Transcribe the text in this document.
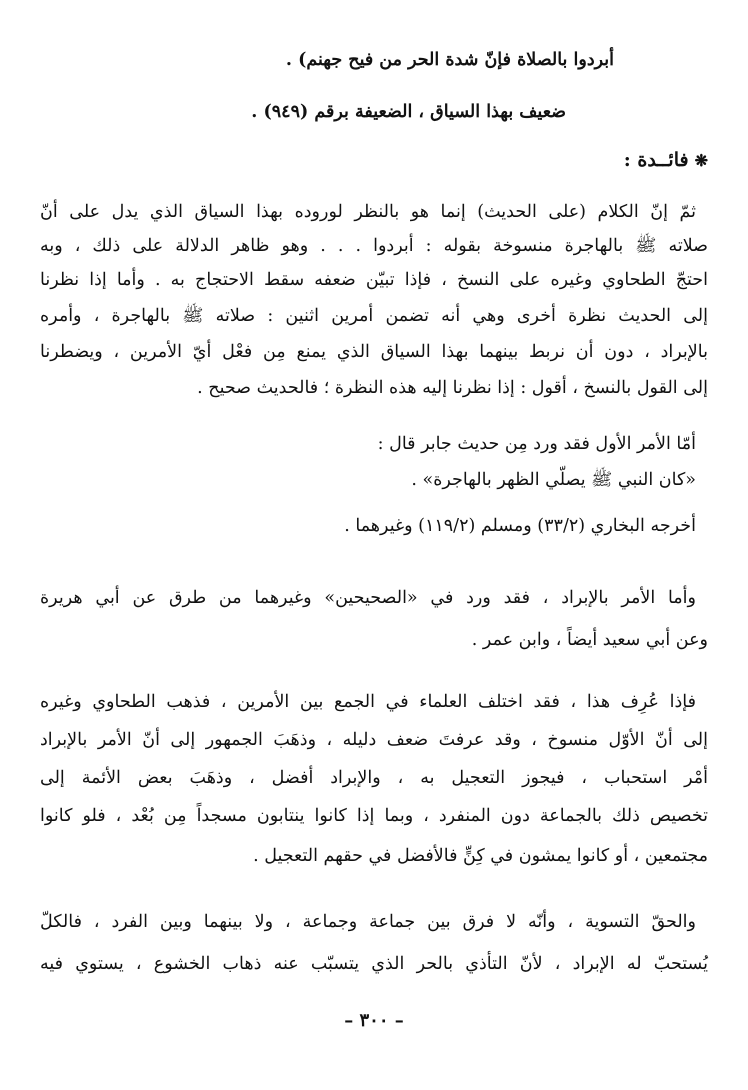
أبردوا بالصلاة فإنّ شدة الحر من فيح جهنم) .
ضعيف بهذا السياق ، الضعيفة برقم (٩٤٩) .
❋فائــدة :
ثمّ إنّ الكلام (على الحديث) إنما هو بالنظر لوروده بهذا السياق الذي يدل على أنّ
صلاته ﷺ بالهاجرة منسوخة بقوله : أبردوا . . . وهو ظاهر الدلالة على ذلك ، وبه
احتجّ الطحاوي وغيره على النسخ ، فإذا تبيّن ضعفه سقط الاحتجاج به . وأما إذا نظرنا
إلى الحديث نظرة أخرى وهي أنه تضمن أمرين اثنين : صلاته ﷺ بالهاجرة ، وأمره
بالإبراد ، دون أن نربط بينهما بهذا السياق الذي يمنع مِن فعْل أيّ الأمرين ، ويضطرنا
إلى القول بالنسخ ، أقول : إذا نظرنا إليه هذه النظرة ؛ فالحديث صحيح .
أمّا الأمر الأول فقد ورد مِن حديث جابر قال :
«كان النبي ﷺ يصلّي الظهر بالهاجرة» .
أخرجه البخاري (٣٣/٢) ومسلم (١١٩/٢) وغيرهما .
وأما الأمر بالإبراد ، فقد ورد في «الصحيحين» وغيرهما من طرق عن أبي هريرة
وعن أبي سعيد أيضاً ، وابن عمر .
فإذا عُرِف هذا ، فقد اختلف العلماء في الجمع بين الأمرين ، فذهب الطحاوي وغيره
إلى أنّ الأوّل منسوخ ، وقد عرفتَ ضعف دليله ، وذهَبَ الجمهور إلى أنّ الأمر بالإبراد
أمْر استحباب ، فيجوز التعجيل به ، والإبراد أفضل ، وذهَبَ بعض الأئمة إلى
تخصيص ذلك بالجماعة دون المنفرد ، وبما إذا كانوا ينتابون مسجداً مِن بُعْد ، فلو كانوا
مجتمعين ، أو كانوا يمشون في كِنٍّ فالأفضل في حقهم التعجيل .
والحقّ التسوية ، وأنّه لا فرق بين جماعة وجماعة ، ولا بينهما وبين الفرد ، فالكلّ
يُستحبّ له الإبراد ، لأنّ التأذي بالحر الذي يتسبّب عنه ذهاب الخشوع ، يستوي فيه
– ٣٠٠ –
